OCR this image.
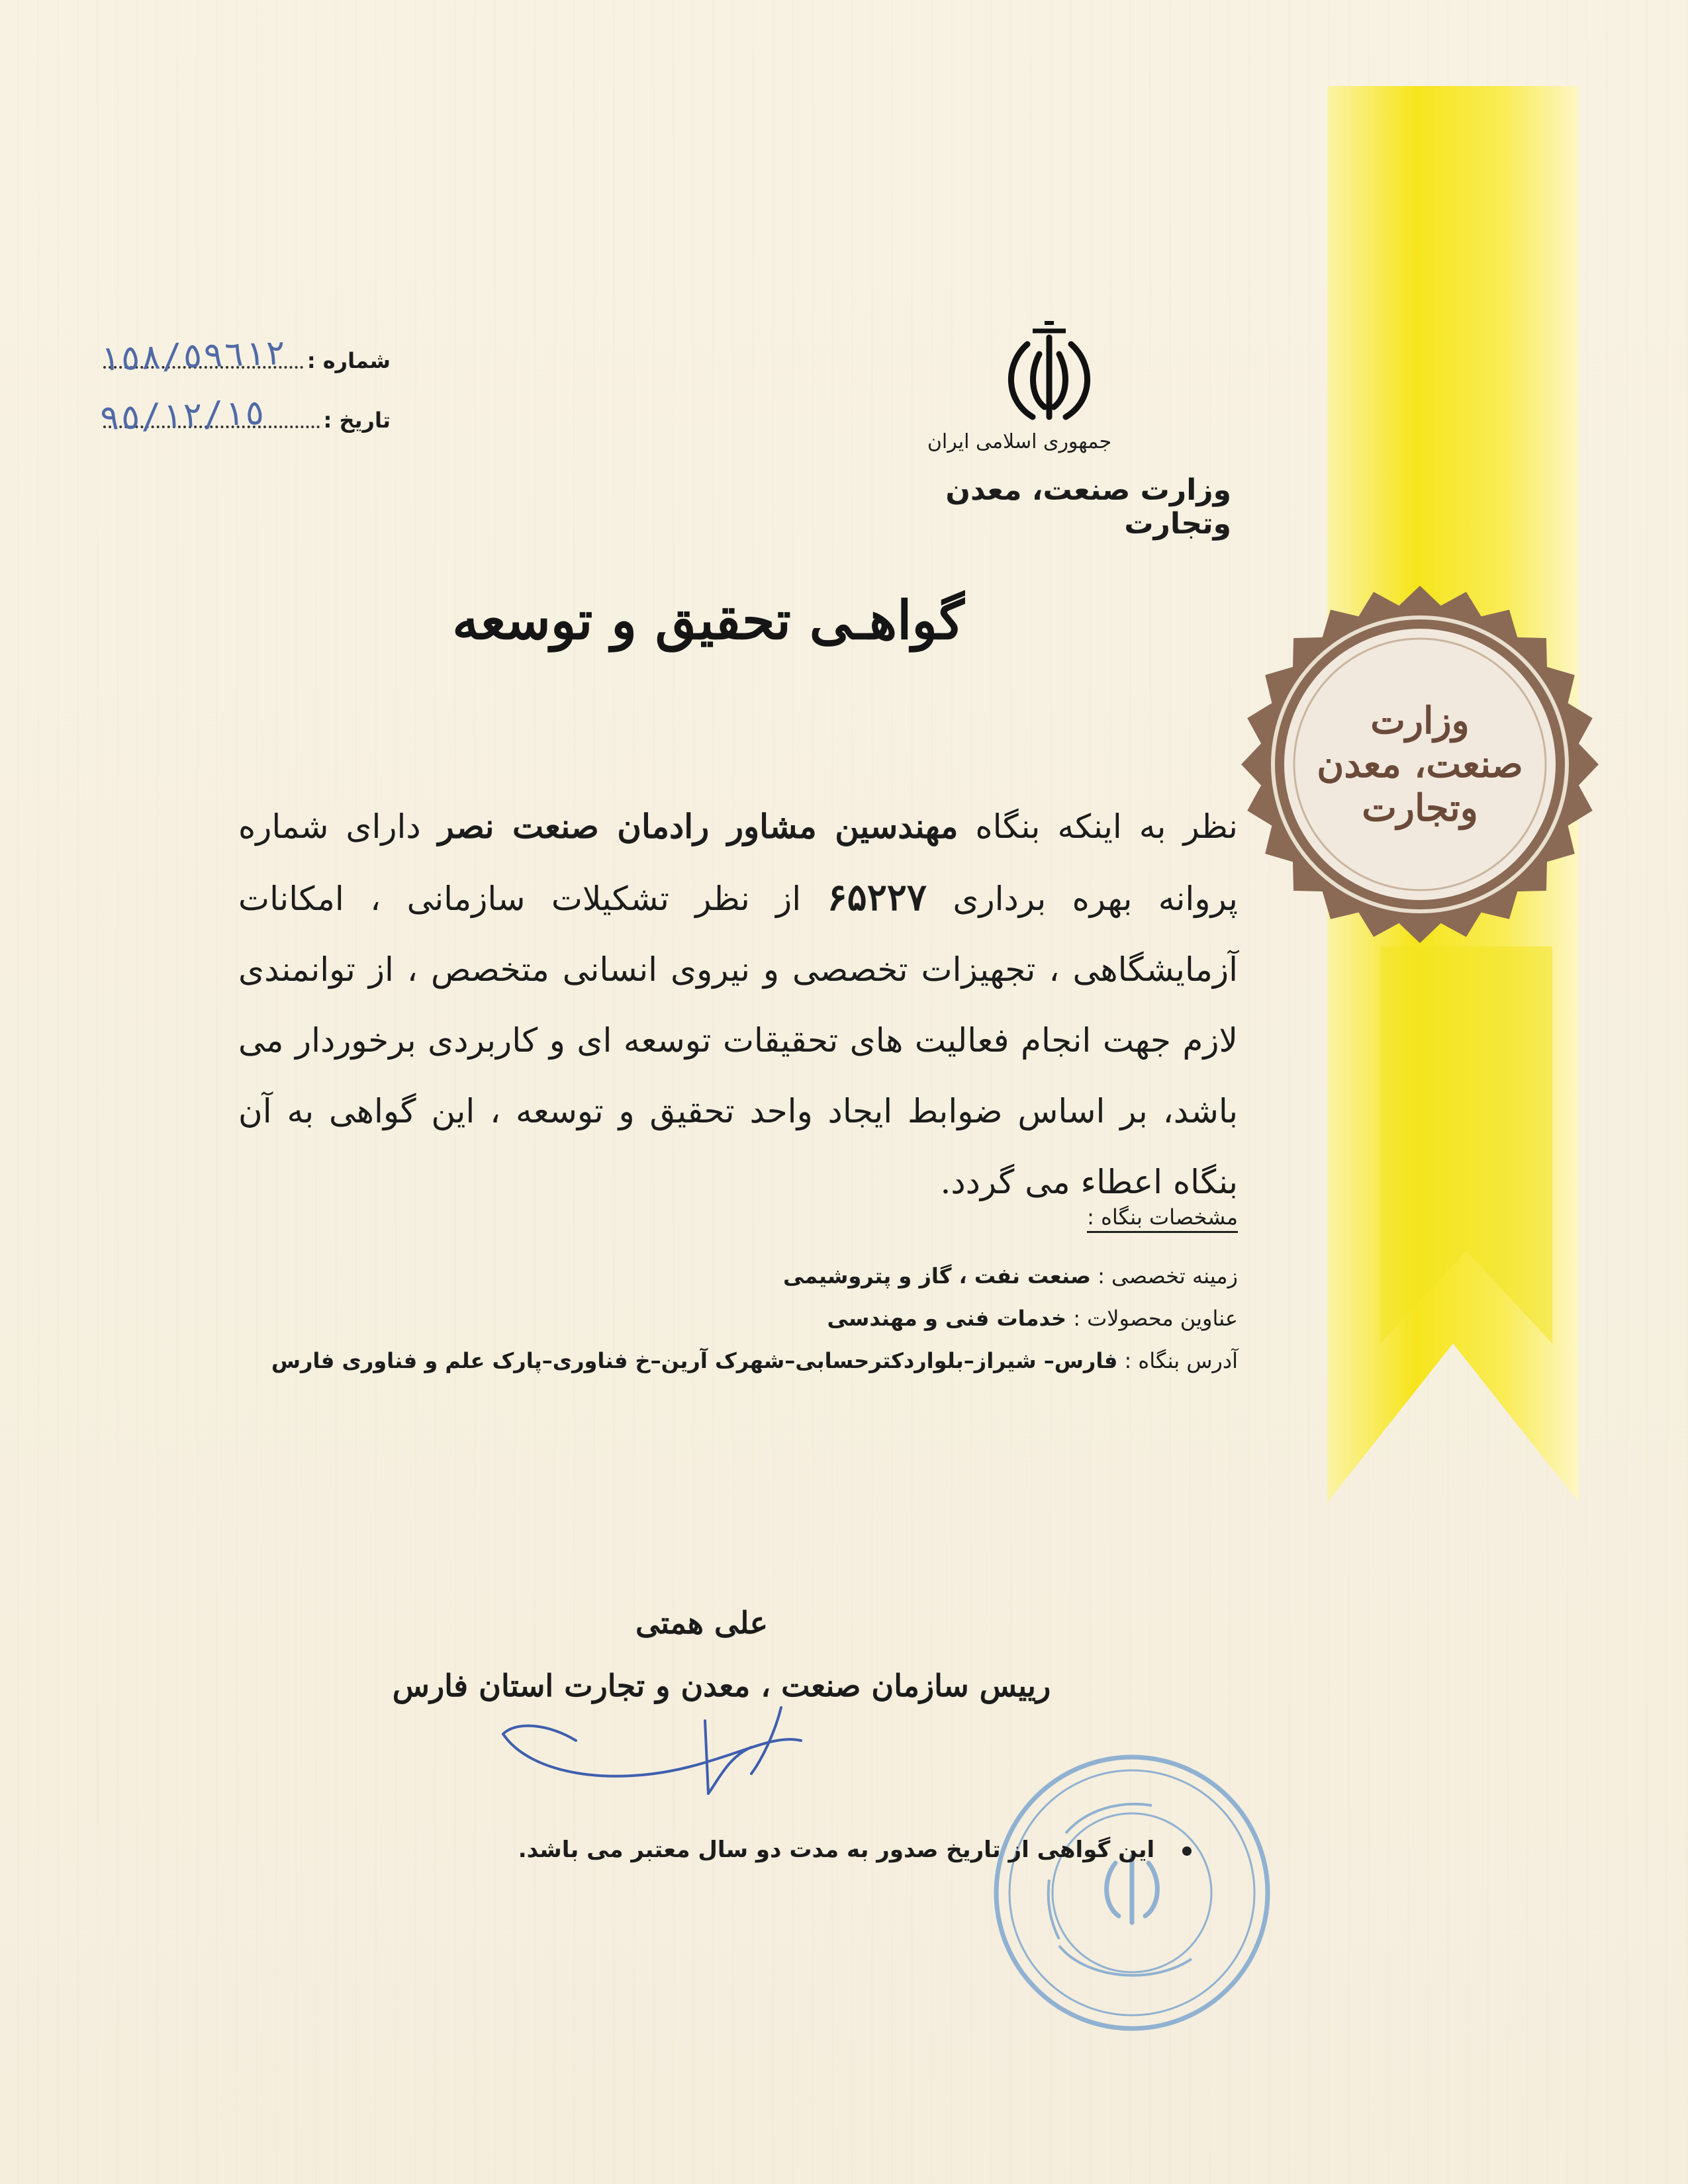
وزارت
صنعت، معدن
وتجارت
شماره :
١٥٨/٥٩٦١٢
تاریخ :
٩٥/١٢/١٥
جمهوری اسلامی ایران
وزارت صنعت، معدن وتجارت
گواهـی تحقیق و توسعه
نظر به اینکه بنگاه مهندسین مشاور رادمان صنعت نصر دارای شماره پروانه بهره برداری ۶۵۲۲۷ از نظر تشکیلات سازمانی ، امکانات آزمایشگاهی ، تجهیزات تخصصی و نیروی انسانی متخصص ، از توانمندی لازم جهت انجام فعالیت های تحقیقات توسعه ای و کاربردی برخوردار می باشد، بر اساس ضوابط ایجاد واحد تحقیق و توسعه ، این گواهی به آن بنگاه اعطاء می گردد.
مشخصات بنگاه :
زمینه تخصصی : صنعت نفت ، گاز و پتروشیمی
عناوین محصولات : خدمات فنی و مهندسی
آدرس بنگاه : فارس– شیراز–بلواردکترحسابی–شهرک آرین–خ فناوری–پارک علم و فناوری فارس
علی همتی
رییس سازمان صنعت ، معدن و تجارت استان فارس
این گواهی از تاریخ صدور به مدت دو سال معتبر می باشد.
